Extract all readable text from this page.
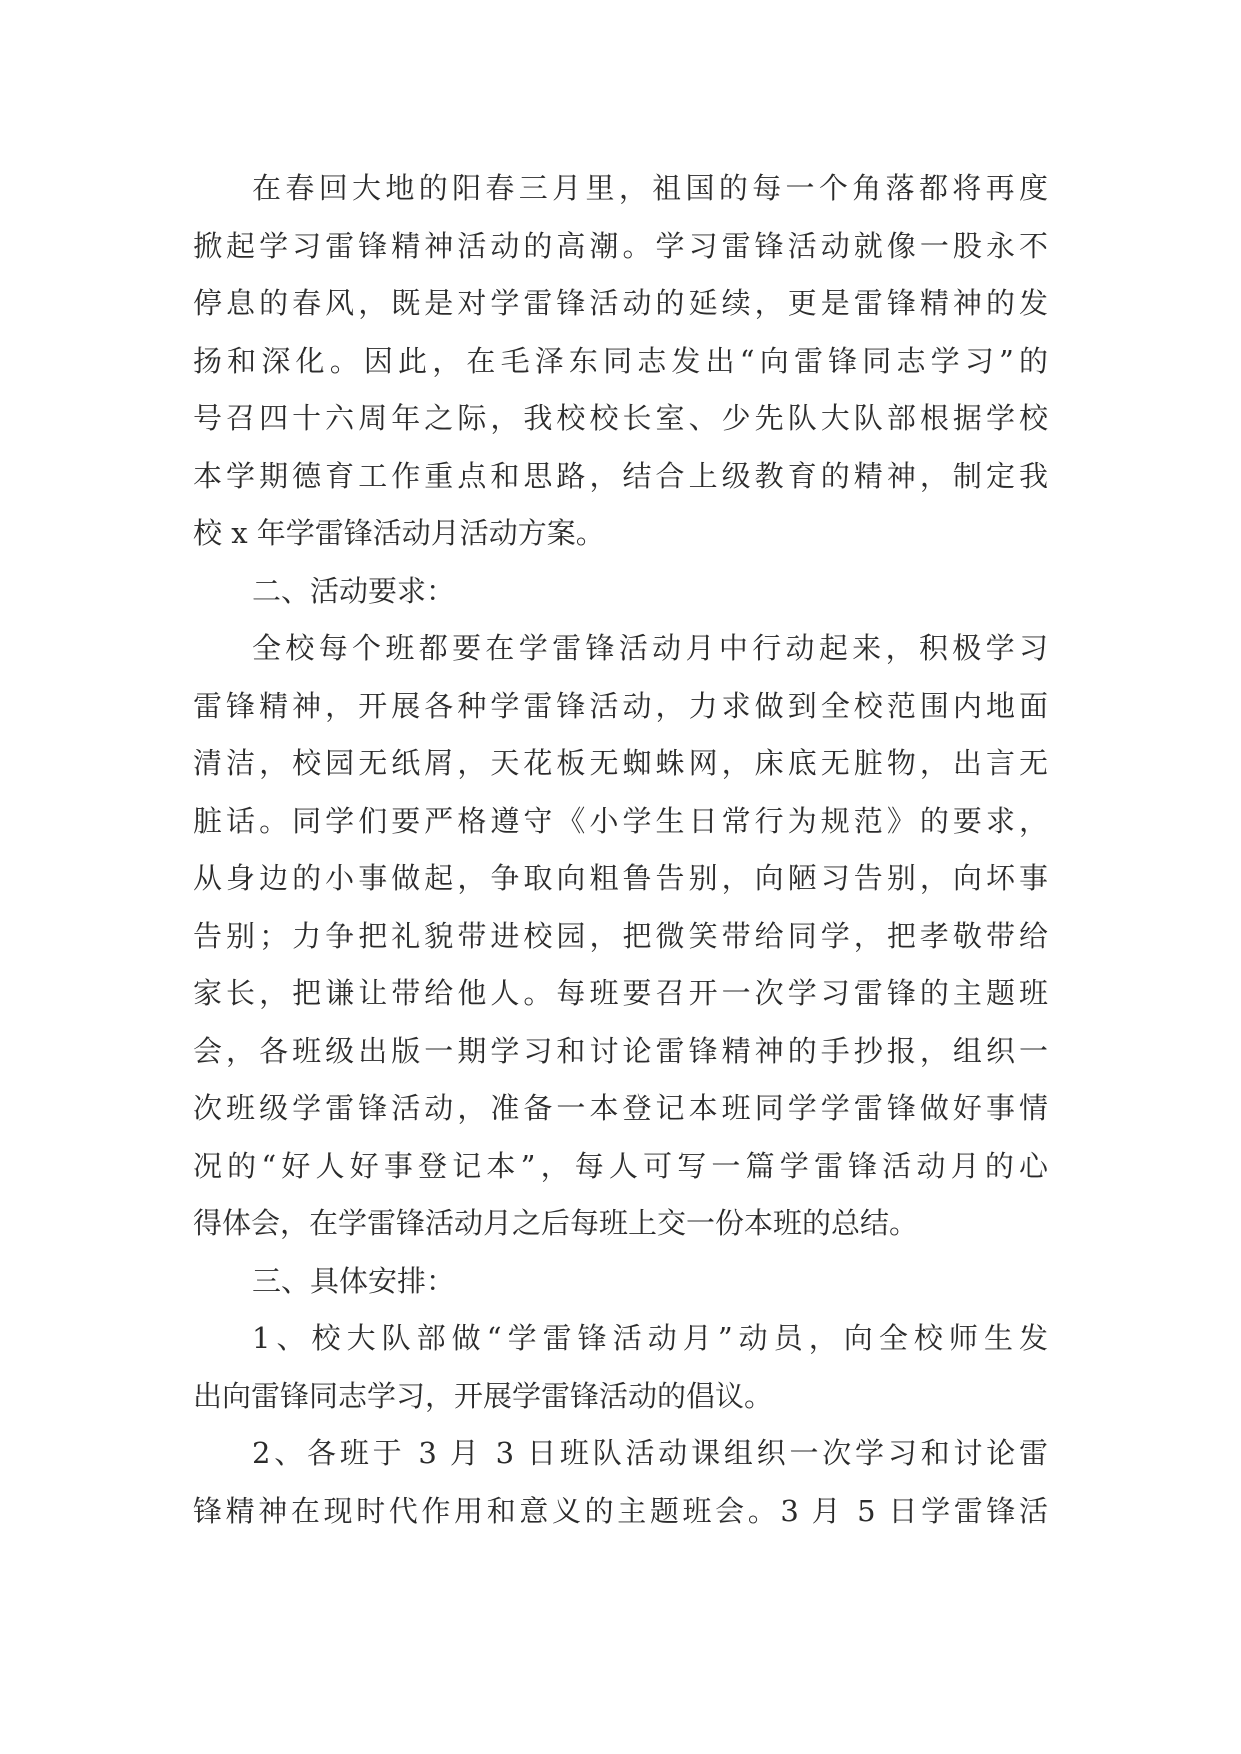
在春回大地的阳春三月里，祖国的每一个角落都将再度
掀起学习雷锋精神活动的高潮。学习雷锋活动就像一股永不
停息的春风，既是对学雷锋活动的延续，更是雷锋精神的发
扬和深化。因此，在毛泽东同志发出“向雷锋同志学习”的
号召四十六周年之际，我校校长室、少先队大队部根据学校
本学期德育工作重点和思路，结合上级教育的精神，制定我
校 x 年学雷锋活动月活动方案。
二、活动要求：
全校每个班都要在学雷锋活动月中行动起来，积极学习
雷锋精神，开展各种学雷锋活动，力求做到全校范围内地面
清洁，校园无纸屑，天花板无蜘蛛网，床底无脏物，出言无
脏话。同学们要严格遵守《小学生日常行为规范》的要求，
从身边的小事做起，争取向粗鲁告别，向陋习告别，向坏事
告别；力争把礼貌带进校园，把微笑带给同学，把孝敬带给
家长，把谦让带给他人。每班要召开一次学习雷锋的主题班
会，各班级出版一期学习和讨论雷锋精神的手抄报，组织一
次班级学雷锋活动，准备一本登记本班同学学雷锋做好事情
况的“好人好事登记本”，每人可写一篇学雷锋活动月的心
得体会，在学雷锋活动月之后每班上交一份本班的总结。
三、具体安排：
1、校大队部做“学雷锋活动月”动员，向全校师生发
出向雷锋同志学习，开展学雷锋活动的倡议。
2、各班于 3 月 3 日班队活动课组织一次学习和讨论雷
锋精神在现时代作用和意义的主题班会。3 月 5 日学雷锋活
